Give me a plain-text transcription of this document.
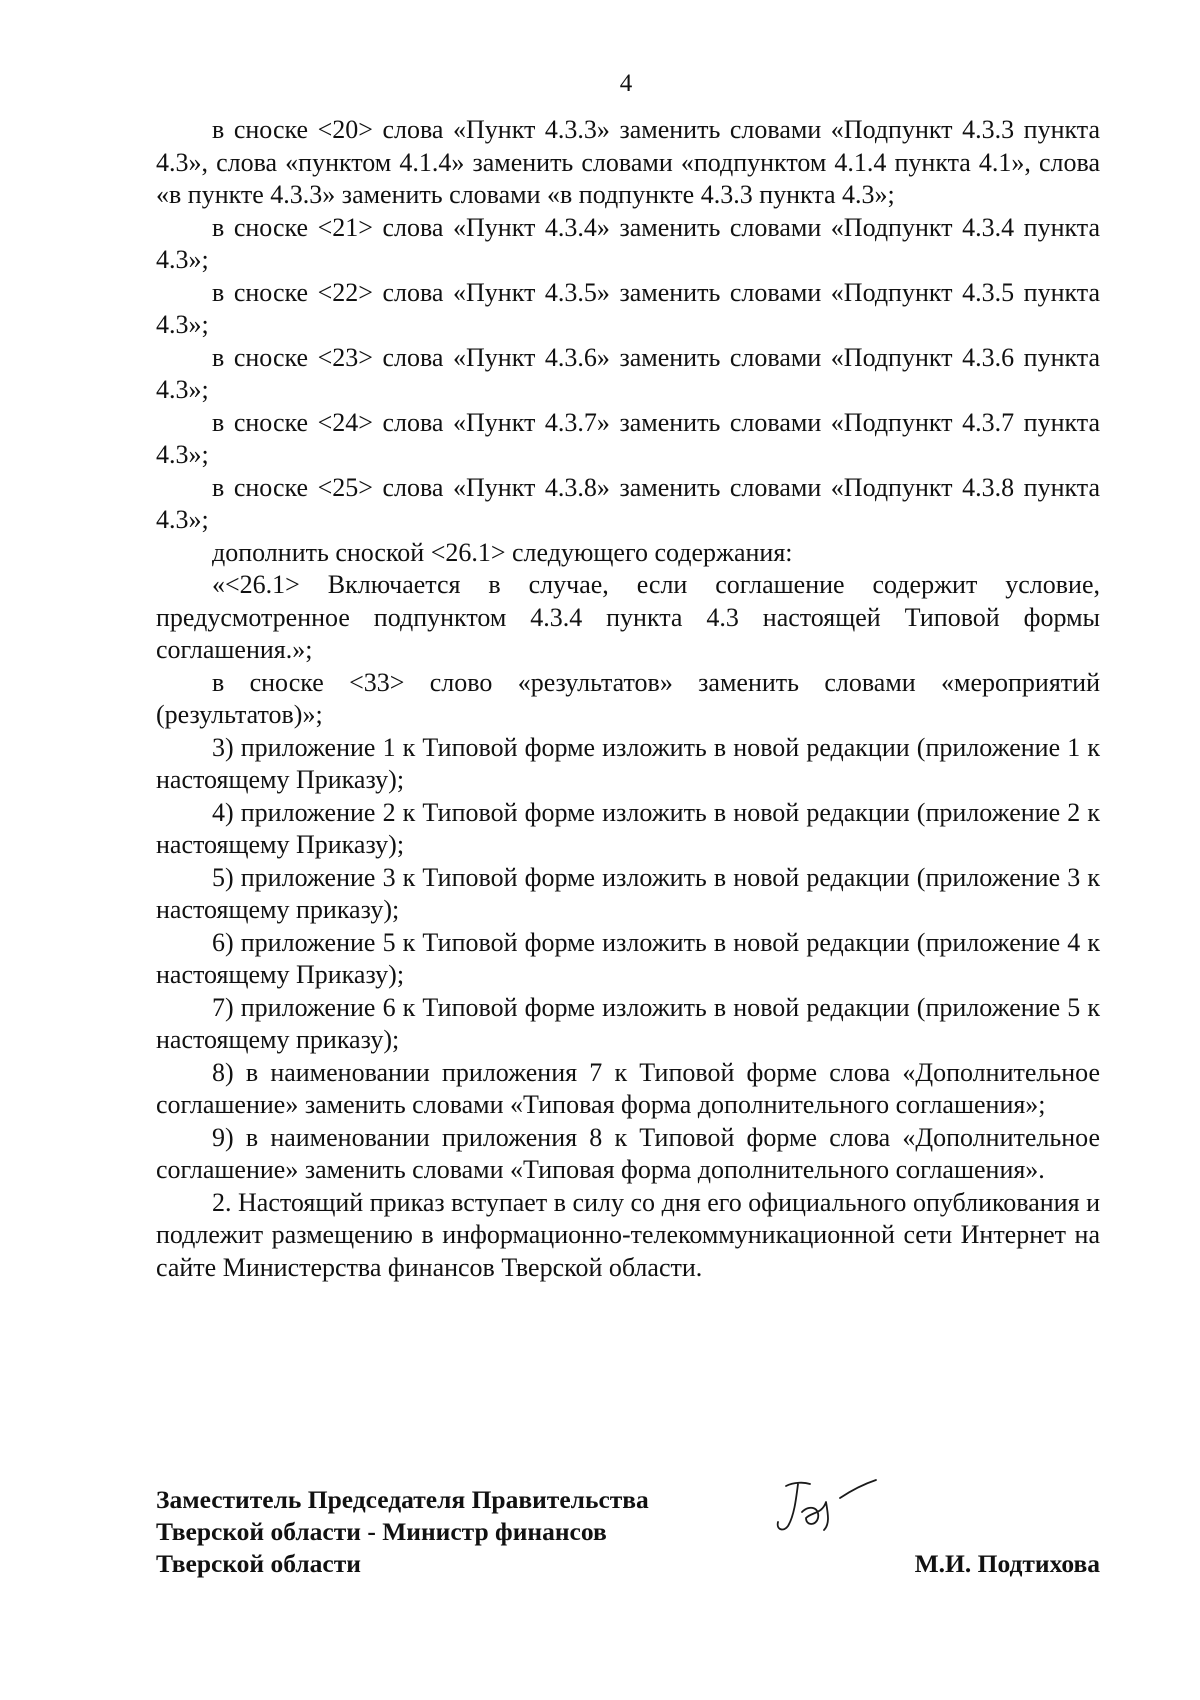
4

в сноске <20> слова «Пункт 4.3.3» заменить словами «Подпункт 4.3.3 пункта 4.3», слова «пунктом 4.1.4» заменить словами «подпунктом 4.1.4 пункта 4.1», слова «в пункте 4.3.3» заменить словами «в подпункте 4.3.3 пункта 4.3»;

в сноске <21> слова «Пункт 4.3.4» заменить словами «Подпункт 4.3.4 пункта 4.3»;

в сноске <22> слова «Пункт 4.3.5» заменить словами «Подпункт 4.3.5 пункта 4.3»;

в сноске <23> слова «Пункт 4.3.6» заменить словами «Подпункт 4.3.6 пункта 4.3»;

в сноске <24> слова «Пункт 4.3.7» заменить словами «Подпункт 4.3.7 пункта 4.3»;

в сноске <25> слова «Пункт 4.3.8» заменить словами «Подпункт 4.3.8 пункта 4.3»;

дополнить сноской <26.1> следующего содержания:

«<26.1> Включается в случае, если соглашение содержит условие, предусмотренное подпунктом 4.3.4 пункта 4.3 настоящей Типовой формы соглашения.»;

в сноске <33> слово «результатов» заменить словами «мероприятий (результатов)»;

3) приложение 1 к Типовой форме изложить в новой редакции (приложение 1 к настоящему Приказу);

4) приложение 2 к Типовой форме изложить в новой редакции (приложение 2 к настоящему Приказу);

5) приложение 3 к Типовой форме изложить в новой редакции (приложение 3 к настоящему приказу);

6) приложение 5 к Типовой форме изложить в новой редакции (приложение 4 к настоящему Приказу);

7) приложение 6 к Типовой форме изложить в новой редакции (приложение 5 к настоящему приказу);

8) в наименовании приложения 7 к Типовой форме слова «Дополнительное соглашение» заменить словами «Типовая форма дополнительного соглашения»;

9) в наименовании приложения 8 к Типовой форме слова «Дополнительное соглашение» заменить словами «Типовая форма дополнительного соглашения».

2. Настоящий приказ вступает в силу со дня его официального опубликования и подлежит размещению в информационно-телекоммуникационной сети Интернет на сайте Министерства финансов Тверской области.

Заместитель Председателя Правительства
Тверской области - Министр финансов
Тверской области	М.И. Подтихова
